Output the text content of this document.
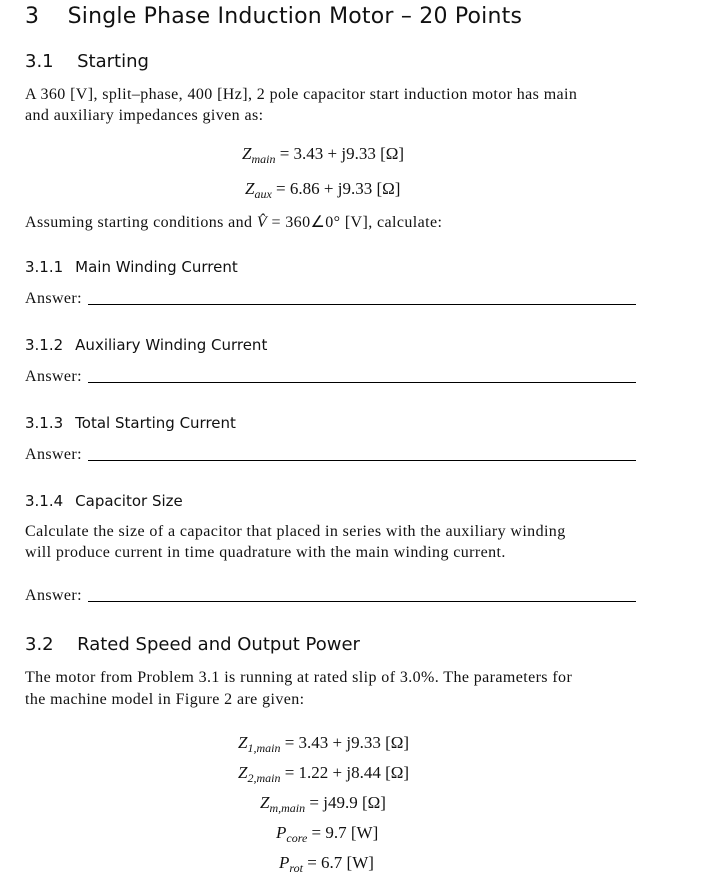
3 Single Phase Induction Motor – 20 Points
3.1 Starting
A 360 [V], split–phase, 400 [Hz], 2 pole capacitor start induction motor has main
and auxiliary impedances given as:
$Z_{main} = 3.43 + j9.33$ [Ω]
$Z_{aux} = 6.86 + j9.33$ [Ω]
Assuming starting conditions and V̂ = 360∠0° [V], calculate:
3.1.1 Main Winding Current
Answer:
3.1.2 Auxiliary Winding Current
Answer:
3.1.3 Total Starting Current
Answer:
3.1.4 Capacitor Size
Calculate the size of a capacitor that placed in series with the auxiliary winding
will produce current in time quadrature with the main winding current.
Answer:
3.2 Rated Speed and Output Power
The motor from Problem 3.1 is running at rated slip of 3.0%. The parameters for
the machine model in Figure 2 are given:
$Z_{1,main} = 3.43 + j9.33$ [Ω]
$Z_{2,main} = 1.22 + j8.44$ [Ω]
$Z_{m,main} = j49.9$ [Ω]
$P_{core} = 9.7$ [W]
$P_{rot} = 6.7$ [W]
